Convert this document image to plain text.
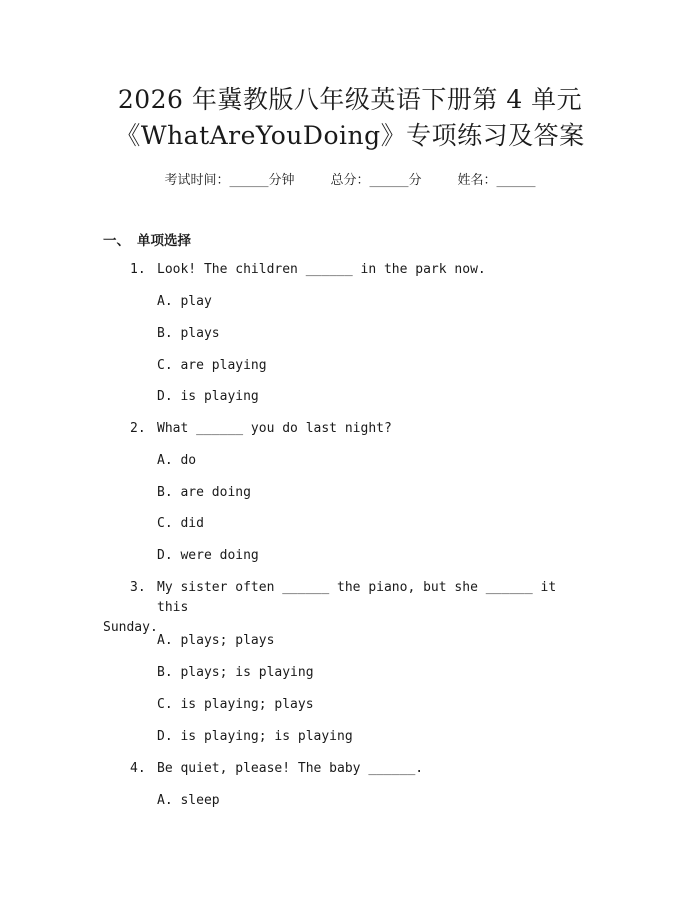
2026 年冀教版八年级英语下册第 4 单元
《WhatAreYouDoing》专项练习及答案
考试时间：______分钟	总分：______分	姓名：______
一、 单项选择
1. Look! The children ______ in the park now.
A. play
B. plays
C. are playing
D. is playing
2. What ______ you do last night?
A. do
B. are doing
C. did
D. were doing
3. My sister often ______ the piano, but she ______ it this
Sunday.
A. plays; plays
B. plays; is playing
C. is playing; plays
D. is playing; is playing
4. Be quiet, please! The baby ______.
A. sleep
